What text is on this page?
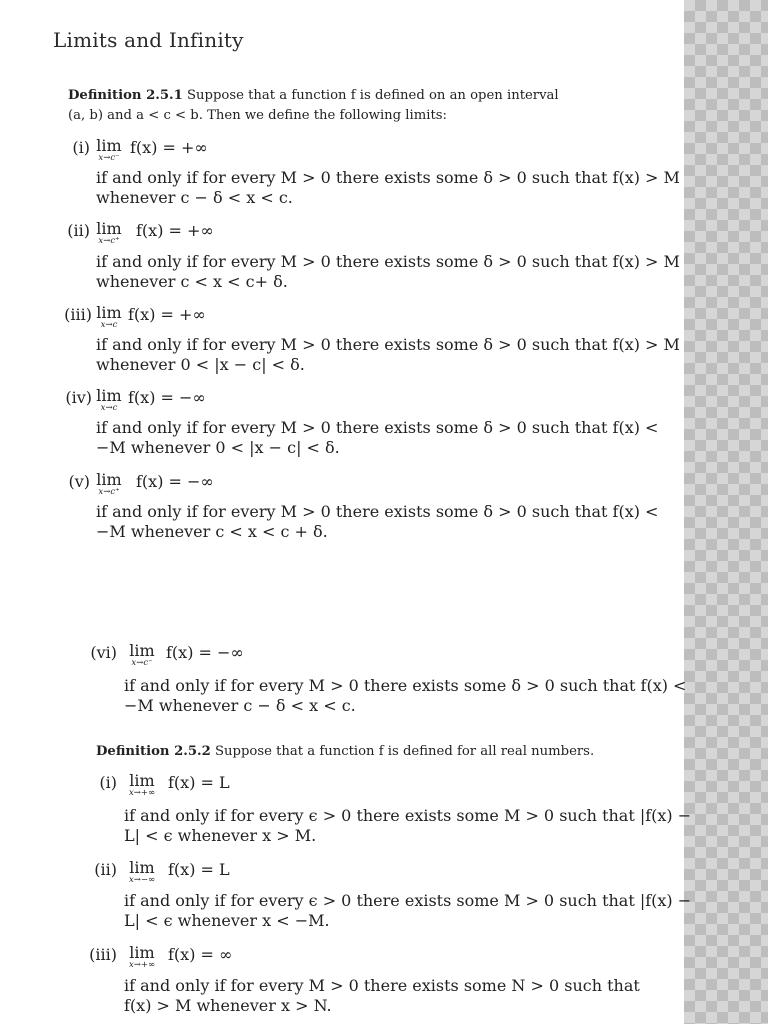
Limits and Infinity
Definition 2.5.1 Suppose that a function f is defined on an open interval
(a, b) and a < c < b. Then we define the following limits:
(i) lim
x→c⁻
f(x) = +∞
if and only if for every M > 0 there exists some δ > 0 such that f(x) > M
whenever c − δ < x < c.
(ii) lim
x→c⁺
f(x) = +∞
if and only if for every M > 0 there exists some δ > 0 such that f(x) > M
whenever c < x < c+ δ.
(iii) lim
x→c
f(x) = +∞
if and only if for every M > 0 there exists some δ > 0 such that f(x) > M
whenever 0 < |x − c| < δ.
(iv) lim
x→c
f(x) = −∞
if and only if for every M > 0 there exists some δ > 0 such that f(x) <
−M whenever 0 < |x − c| < δ.
(v) lim
x→c⁺
f(x) = −∞
if and only if for every M > 0 there exists some δ > 0 such that f(x) <
−M whenever c < x < c + δ.
(vi) lim
x→c⁻
f(x) = −∞
if and only if for every M > 0 there exists some δ > 0 such that f(x) <
−M whenever c − δ < x < c.
Definition 2.5.2 Suppose that a function f is defined for all real numbers.
(i) lim
x→+∞
f(x) = L
if and only if for every ϵ > 0 there exists some M > 0 such that |f(x) −
L| < ϵ whenever x > M.
(ii) lim
x→−∞
f(x) = L
if and only if for every ϵ > 0 there exists some M > 0 such that |f(x) −
L| < ϵ whenever x < −M.
(iii) lim
x→+∞
f(x) = ∞
if and only if for every M > 0 there exists some N > 0 such that
f(x) > M whenever x > N.
